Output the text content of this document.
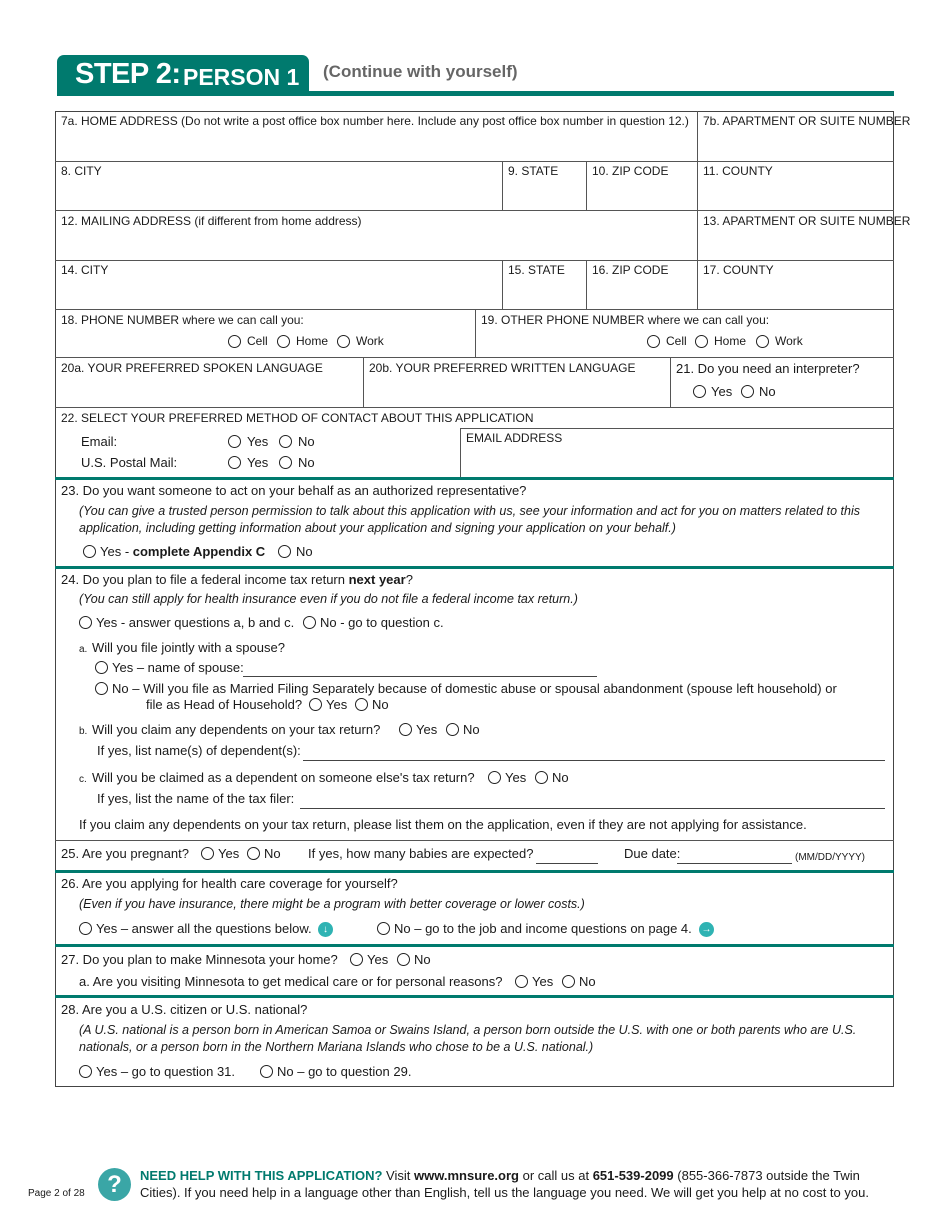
STEP 2: PERSON 1 (Continue with yourself)
7a. HOME ADDRESS (Do not write a post office box number here. Include any post office box number in question 12.) 7b. APARTMENT OR SUITE NUMBER
8. CITY	9. STATE	10. ZIP CODE	11. COUNTY
12. MAILING ADDRESS (if different from home address)	13. APARTMENT OR SUITE NUMBER
14. CITY	15. STATE 16. ZIP CODE	17. COUNTY
18. PHONE NUMBER where we can call you:
Cell Home Work
19. OTHER PHONE NUMBER where we can call you:
Cell Home Work
20a. YOUR PREFERRED SPOKEN LANGUAGE	20b. YOUR PREFERRED WRITTEN LANGUAGE	21. Do you need an interpreter?
Yes No
22. SELECT YOUR PREFERRED METHOD OF CONTACT ABOUT THIS APPLICATION
Email:	Yes No
U.S. Postal Mail:	Yes No
EMAIL ADDRESS
23. Do you want someone to act on your behalf as an authorized representative?
(You can give a trusted person permission to talk about this application with us, see your information and act for you on matters related to this application, including getting information about your application and signing your application on your behalf.)
Yes - complete Appendix C No
24. Do you plan to file a federal income tax return next year?
(You can still apply for health insurance even if you do not file a federal income tax return.)
Yes - answer questions a, b and c. No - go to question c.
a. Will you file jointly with a spouse?
Yes – name of spouse:
No – Will you file as Married Filing Separately because of domestic abuse or spousal abandonment (spouse left household) or
file as Head of Household? Yes No
b. Will you claim any dependents on your tax return?	Yes No
If yes, list name(s) of dependent(s):
c. Will you be claimed as a dependent on someone else's tax return? Yes No
If yes, list the name of the tax filer:
If you claim any dependents on your tax return, please list them on the application, even if they are not applying for assistance.
25. Are you pregnant? Yes No If yes, how many babies are expected?	Due date:	(MM/DD/YYYY)
26. Are you applying for health care coverage for yourself?
(Even if you have insurance, there might be a program with better coverage or lower costs.)
Yes – answer all the questions below.	↓	No – go to the job and income questions on page 4. →
27. Do you plan to make Minnesota your home? Yes No
a. Are you visiting Minnesota to get medical care or for personal reasons? Yes No
28. Are you a U.S. citizen or U.S. national?
(A U.S. national is a person born in American Samoa or Swains Island, a person born outside the U.S. with one or both parents who are U.S. nationals, or a person born in the Northern Mariana Islands who chose to be a U.S. national.)
Yes – go to question 31.	No – go to question 29.
Page 2 of 28 ?	NEED HELP WITH THIS APPLICATION? Visit www.mnsure.org or call us at 651-539-2099 (855-366-7873 outside the Twin Cities). If you need help in a language other than English, tell us the language you need. We will get you help at no cost to you.
